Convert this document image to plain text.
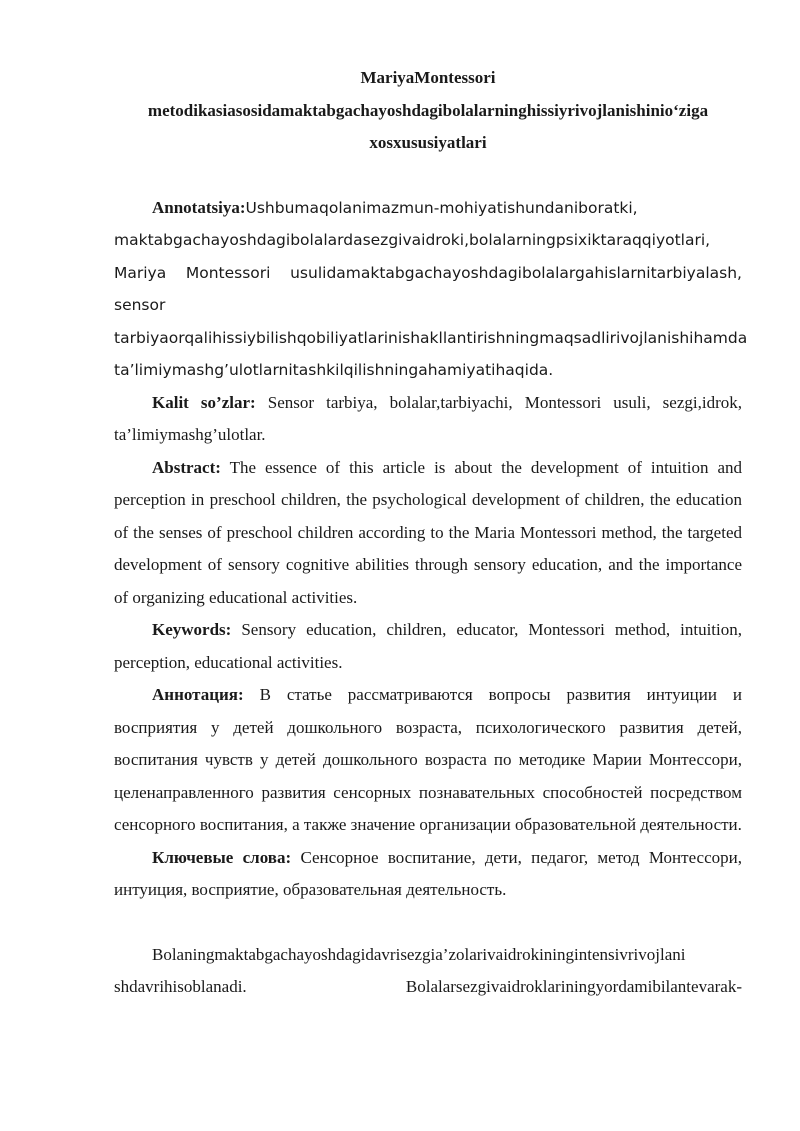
MariyaMontessori
metodikasiasosidamaktabgachayoshdagibolalarninghissiyrivojlanishinio‘ziga
xosxususiyatlari

Annotatsiya:Ushbumaqolanimazmun-mohiyatishundaniboratki, maktabgachayoshdagibolalardasezgivaidroki,bolalarningpsixiktaraqqiyotlari, Mariya Montessori usulidamaktabgachayoshdagibolalargahislarnitarbiyalash, sensor tarbiyaorqalihissiybilishqobiliyatlarinishakllantirishningmaqsadlirivojlanishihamda ta’limiymashg’ulotlarnitashkilqilishningahamiyatihaqida.

Kalit so’zlar: Sensor tarbiya, bolalar,tarbiyachi, Montessori usuli, sezgi,idrok, ta’limiymashg’ulotlar.

Abstract: The essence of this article is about the development of intuition and perception in preschool children, the psychological development of children, the education of the senses of preschool children according to the Maria Montessori method, the targeted development of sensory cognitive abilities through sensory education, and the importance of organizing educational activities.

Keywords: Sensory education, children, educator, Montessori method, intuition, perception, educational activities.

Аннотация: В статье рассматриваются вопросы развития интуиции и восприятия у детей дошкольного возраста, психологического развития детей, воспитания чувств у детей дошкольного возраста по методике Марии Монтессори, целенаправленного развития сенсорных познавательных способностей посредством сенсорного воспитания, а также значение организации образовательной деятельности.

Ключевые слова: Сенсорное воспитание, дети, педагог, метод Монтессори, интуиция, восприятие, образовательная деятельность.

Bolaningmaktabgachayoshdagidavrisezgia’zolarivaidrokiningintensivrivojlani

shdavrihisoblanadi.	Bolalarsezgivaidroklariningyordamibilantevarak-
